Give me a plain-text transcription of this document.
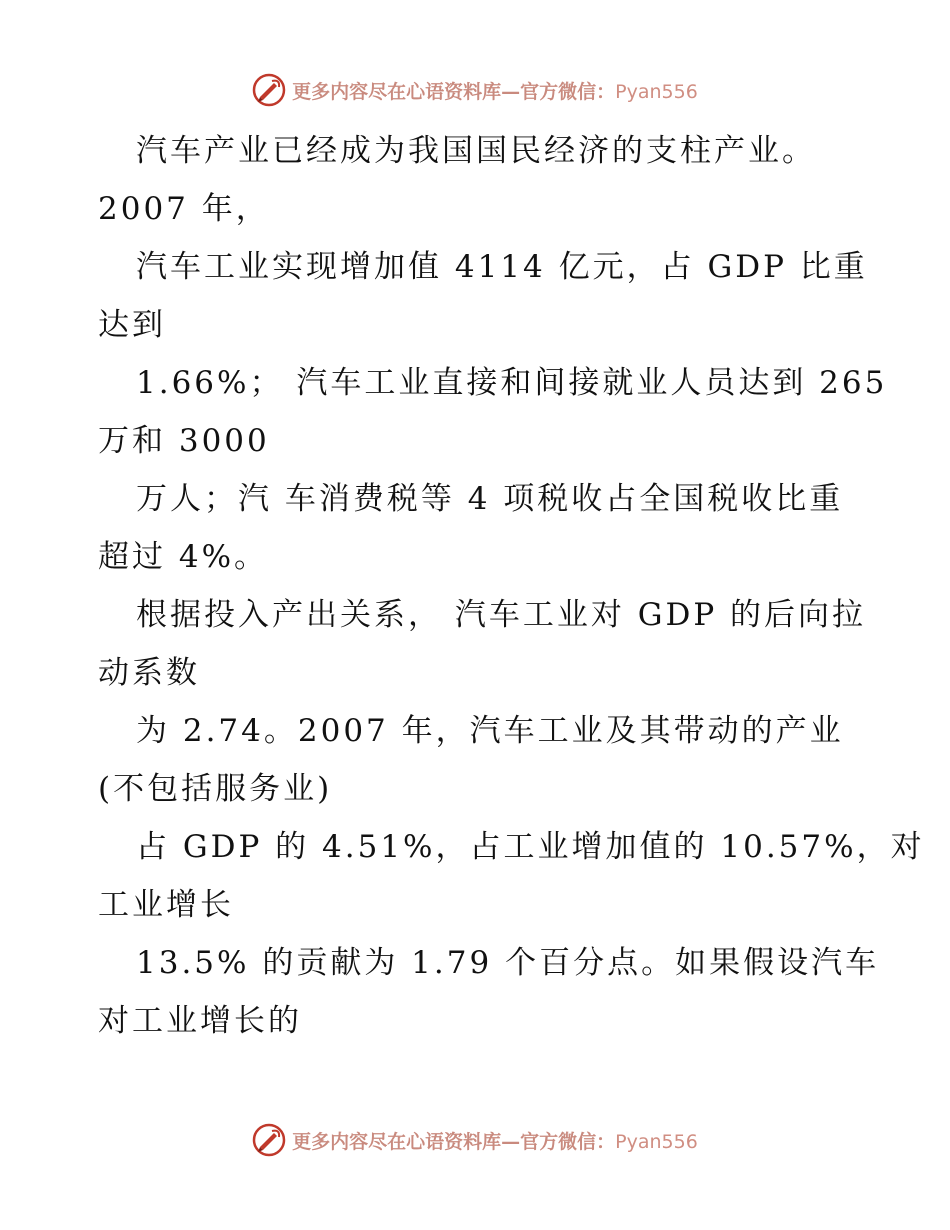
更多内容尽在心语资料库—官方微信：Pyan556
汽车产业已经成为我国国民经济的支柱产业。
2007 年，
汽车工业实现增加值 4114 亿元，占 GDP 比重
达到
1.66%； 汽车工业直接和间接就业人员达到 265
万和 3000
万人；汽 车消费税等 4 项税收占全国税收比重
超过 4%。
根据投入产出关系， 汽车工业对 GDP 的后向拉
动系数
为 2.74。2007 年，汽车工业及其带动的产业
(不包括服务业)
占 GDP 的 4.51%，占工业增加值的 10.57%，对
工业增长
13.5% 的贡献为 1.79 个百分点。如果假设汽车
对工业增长的
更多内容尽在心语资料库—官方微信：Pyan556
